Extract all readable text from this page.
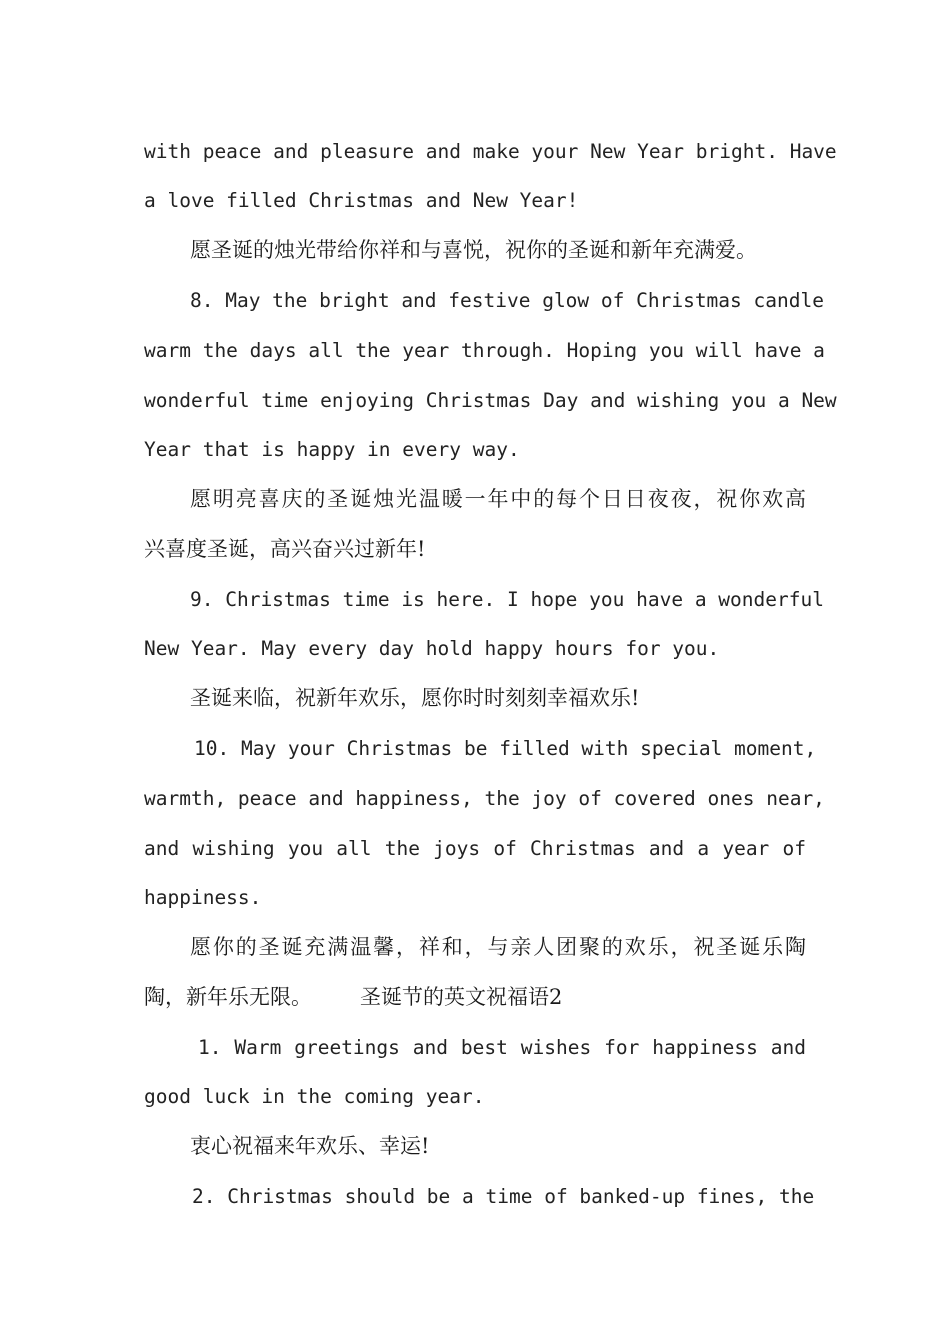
with peace and pleasure and make your New Year bright. Have
a love filled Christmas and New Year!
愿圣诞的烛光带给你祥和与喜悦，祝你的圣诞和新年充满爱。
8. May the bright and festive glow of Christmas candle
warm the days all the year through. Hoping you will have a
wonderful time enjoying Christmas Day and wishing you a New
Year that is happy in every way.
愿明亮喜庆的圣诞烛光温暖一年中的每个日日夜夜，祝你欢高
兴喜度圣诞，高兴奋兴过新年!
9. Christmas time is here. I hope you have a wonderful
New Year. May every day hold happy hours for you.
圣诞来临，祝新年欢乐，愿你时时刻刻幸福欢乐!
10. May your Christmas be filled with special moment,
warmth, peace and happiness, the joy of covered ones near,
and wishing you all the joys of Christmas and a year of
happiness.
愿你的圣诞充满温馨，祥和，与亲人团聚的欢乐，祝圣诞乐陶
陶，新年乐无限。 圣诞节的英文祝福语2
1. Warm greetings and best wishes for happiness and
good luck in the coming year.
衷心祝福来年欢乐、幸运!
2. Christmas should be a time of banked-up fines, the
